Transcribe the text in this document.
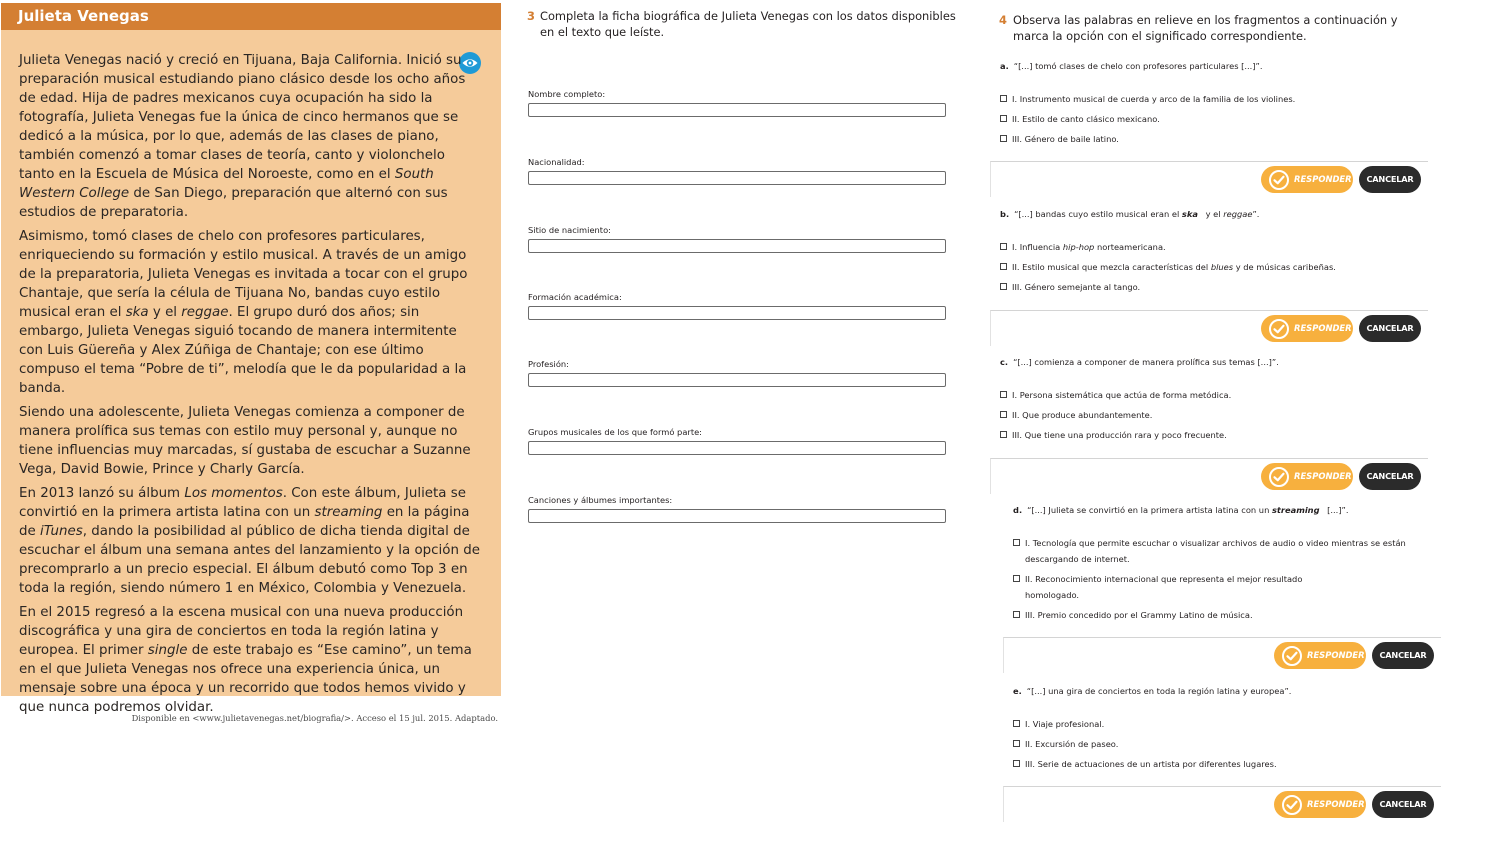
Julieta Venegas

Julieta Venegas nació y creció en Tijuana, Baja California. Inició su preparación musical estudiando piano clásico desde los ocho años de edad. Hija de padres mexicanos cuya ocupación ha sido la fotografía, Julieta Venegas fue la única de cinco hermanos que se dedicó a la música, por lo que, además de las clases de piano, también comenzó a tomar clases de teoría, canto y violonchelo tanto en la Escuela de Música del Noroeste, como en el South Western College de San Diego, preparación que alternó con sus estudios de preparatoria.

Asimismo, tomó clases de chelo con profesores particulares, enriqueciendo su formación y estilo musical. A través de un amigo de la preparatoria, Julieta Venegas es invitada a tocar con el grupo Chantaje, que sería la célula de Tijuana No, bandas cuyo estilo musical eran el ska y el reggae. El grupo duró dos años; sin embargo, Julieta Venegas siguió tocando de manera intermitente con Luis Güereña y Alex Zúñiga de Chantaje; con ese último compuso el tema “Pobre de ti”, melodía que le da popularidad a la banda.

Siendo una adolescente, Julieta Venegas comienza a componer de manera prolífica sus temas con estilo muy personal y, aunque no tiene influencias muy marcadas, sí gustaba de escuchar a Suzanne Vega, David Bowie, Prince y Charly García.

En 2013 lanzó su álbum Los momentos. Con este álbum, Julieta se convirtió en la primera artista latina con un streaming en la página de iTunes, dando la posibilidad al público de dicha tienda digital de escuchar el álbum una semana antes del lanzamiento y la opción de precomprarlo a un precio especial. El álbum debutó como Top 3 en toda la región, siendo número 1 en México, Colombia y Venezuela.

En el 2015 regresó a la escena musical con una nueva producción discográfica y una gira de conciertos en toda la región latina y europea. El primer single de este trabajo es “Ese camino”, un tema en el que Julieta Venegas nos ofrece una experiencia única, un mensaje sobre una época y un recorrido que todos hemos vivido y que nunca podremos olvidar.

Disponible en <www.julietavenegas.net/biografia/>. Acceso el 15 jul. 2015. Adaptado.
3 Completa la ficha biográfica de Julieta Venegas con los datos disponibles en el texto que leíste.
Nombre completo:
Nacionalidad:
Sitio de nacimiento:
Formación académica:
Profesión:
Grupos musicales de los que formó parte:
Canciones y álbumes importantes:
4 Observa las palabras en relieve en los fragmentos a continuación y marca la opción con el significado correspondiente.
a. “[...] tomó clases de chelo con profesores particulares [...]”.
I. Instrumento musical de cuerda y arco de la familia de los violines.
II. Estilo de canto clásico mexicano.
III. Género de baile latino.
RESPONDER	CANCELAR
b. “[...] bandas cuyo estilo musical eran el ska y el reggae”.
I. Influencia hip-hop norteamericana.
II. Estilo musical que mezcla características del blues y de músicas caribeñas.
III. Género semejante al tango.
RESPONDER	CANCELAR
c. “[...] comienza a componer de manera prolífica sus temas [...]”.
I. Persona sistemática que actúa de forma metódica.
II. Que produce abundantemente.
III. Que tiene una producción rara y poco frecuente.
RESPONDER	CANCELAR
d. “[...] Julieta se convirtió en la primera artista latina con un streaming [...]”.
I. Tecnología que permite escuchar o visualizar archivos de audio o video mientras se están
descargando de internet.
II. Reconocimiento internacional que representa el mejor resultado
homologado.
III. Premio concedido por el Grammy Latino de música.
RESPONDER	CANCELAR
e. “[...] una gira de conciertos en toda la región latina y europea”.
I. Viaje profesional.
II. Excursión de paseo.
III. Serie de actuaciones de un artista por diferentes lugares.
RESPONDER	CANCELAR
